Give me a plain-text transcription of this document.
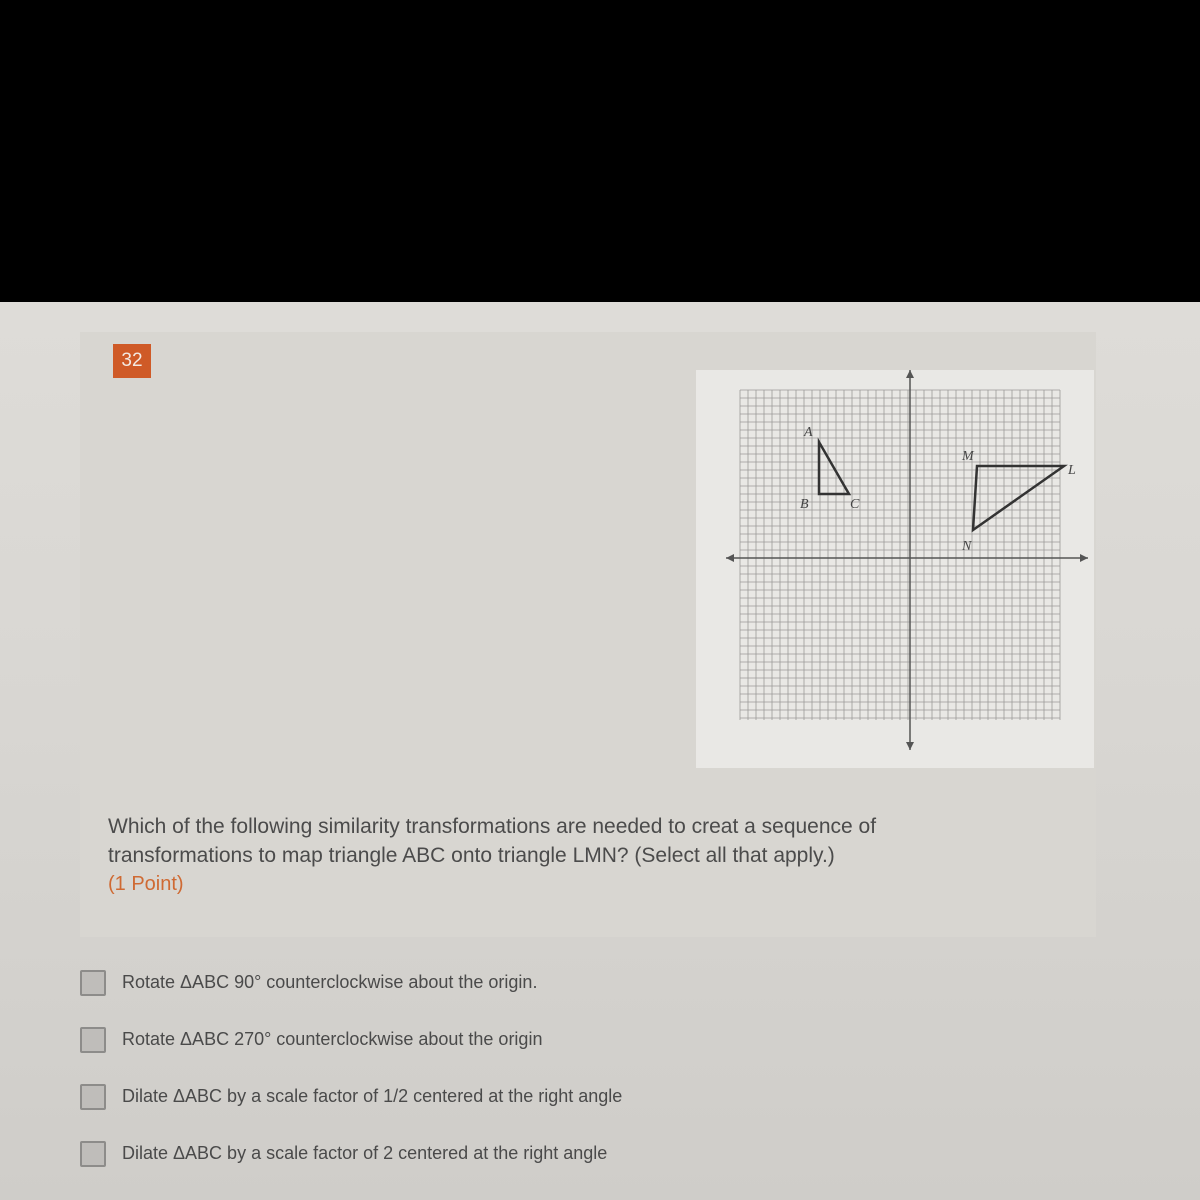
32
A
B	C
M
L
N
Which of the following similarity transformations are needed to creat a sequence of
transformations to map triangle ABC onto triangle LMN? (Select all that apply.)
(1 Point)
Rotate ΔABC 90° counterclockwise about the origin.
Rotate ΔABC 270° counterclockwise about the origin
Dilate ΔABC by a scale factor of 1/2 centered at the right angle
Dilate ΔABC by a scale factor of 2 centered at the right angle
